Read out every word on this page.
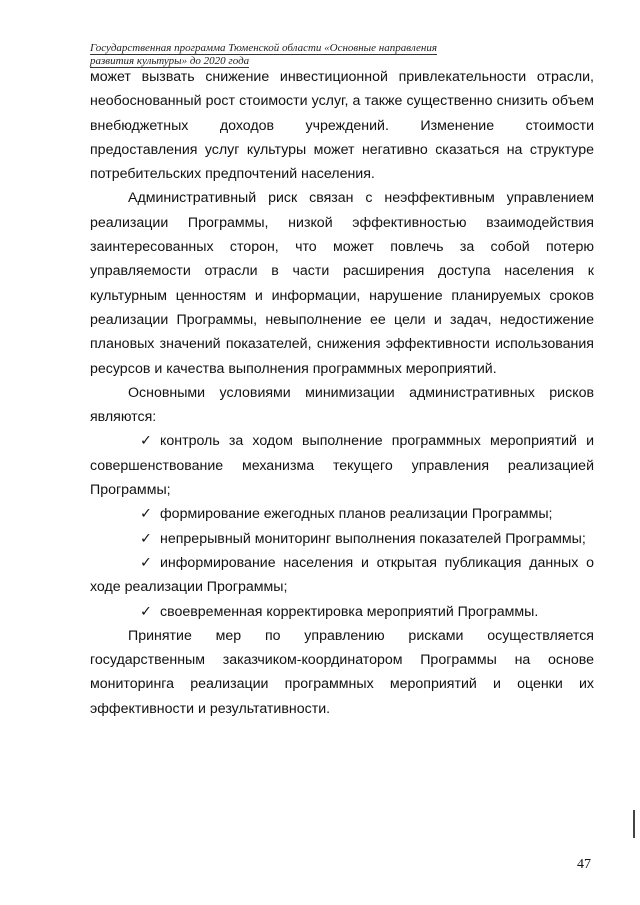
Государственная программа Тюменской области «Основные направления
развития культуры» до 2020 года

может вызвать снижение инвестиционной привлекательности отрасли, необоснованный рост стоимости услуг, а также существенно снизить объем внебюджетных доходов учреждений. Изменение стоимости предоставления услуг культуры может негативно сказаться на структуре потребительских предпочтений населения.

Административный риск связан с неэффективным управлением реализации Программы, низкой эффективностью взаимодействия заинтересованных сторон, что может повлечь за собой потерю управляемости отрасли в части расширения доступа населения к культурным ценностям и информации, нарушение планируемых сроков реализации Программы, невыполнение ее цели и задач, недостижение плановых значений показателей, снижения эффективности использования ресурсов и качества выполнения программных мероприятий.

Основными условиями минимизации административных рисков являются:

✓ контроль за ходом выполнение программных мероприятий и совершенствование механизма текущего управления реализацией Программы;

✓ формирование ежегодных планов реализации Программы;

✓ непрерывный мониторинг выполнения показателей Программы;

✓ информирование населения и открытая публикация данных о ходе реализации Программы;

✓ своевременная корректировка мероприятий Программы.

Принятие мер по управлению рисками осуществляется государственным заказчиком-координатором Программы на основе мониторинга реализации программных мероприятий и оценки их эффективности и результативности.

47
